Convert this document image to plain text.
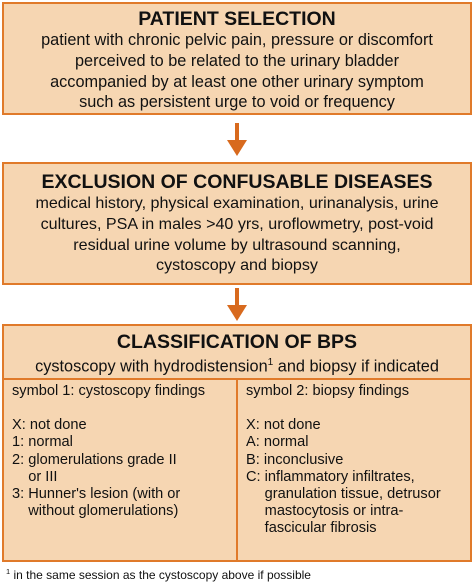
PATIENT SELECTION
patient with chronic pelvic pain, pressure or discomfort
perceived to be related to the urinary bladder
accompanied by at least one other urinary symptom
such as persistent urge to void or frequency
EXCLUSION OF CONFUSABLE DISEASES
medical history, physical examination, urinanalysis, urine
cultures, PSA in males >40 yrs, uroflowmetry, post-void
residual urine volume by ultrasound scanning,
cystoscopy and biopsy
CLASSIFICATION OF BPS
cystoscopy with hydrodistension$^1$ and biopsy if indicated
symbol 1: cystoscopy findings
X: not done
1: normal
2: glomerulations grade II or III
3: Hunner's lesion (with or without glomerulations)
symbol 2: biopsy findings
X: not done
A: normal
B: inconclusive
C: inflammatory infiltrates, granulation tissue, detrusor mastocytosis or intra-fascicular fibrosis
$^1$ in the same session as the cystoscopy above if possible
